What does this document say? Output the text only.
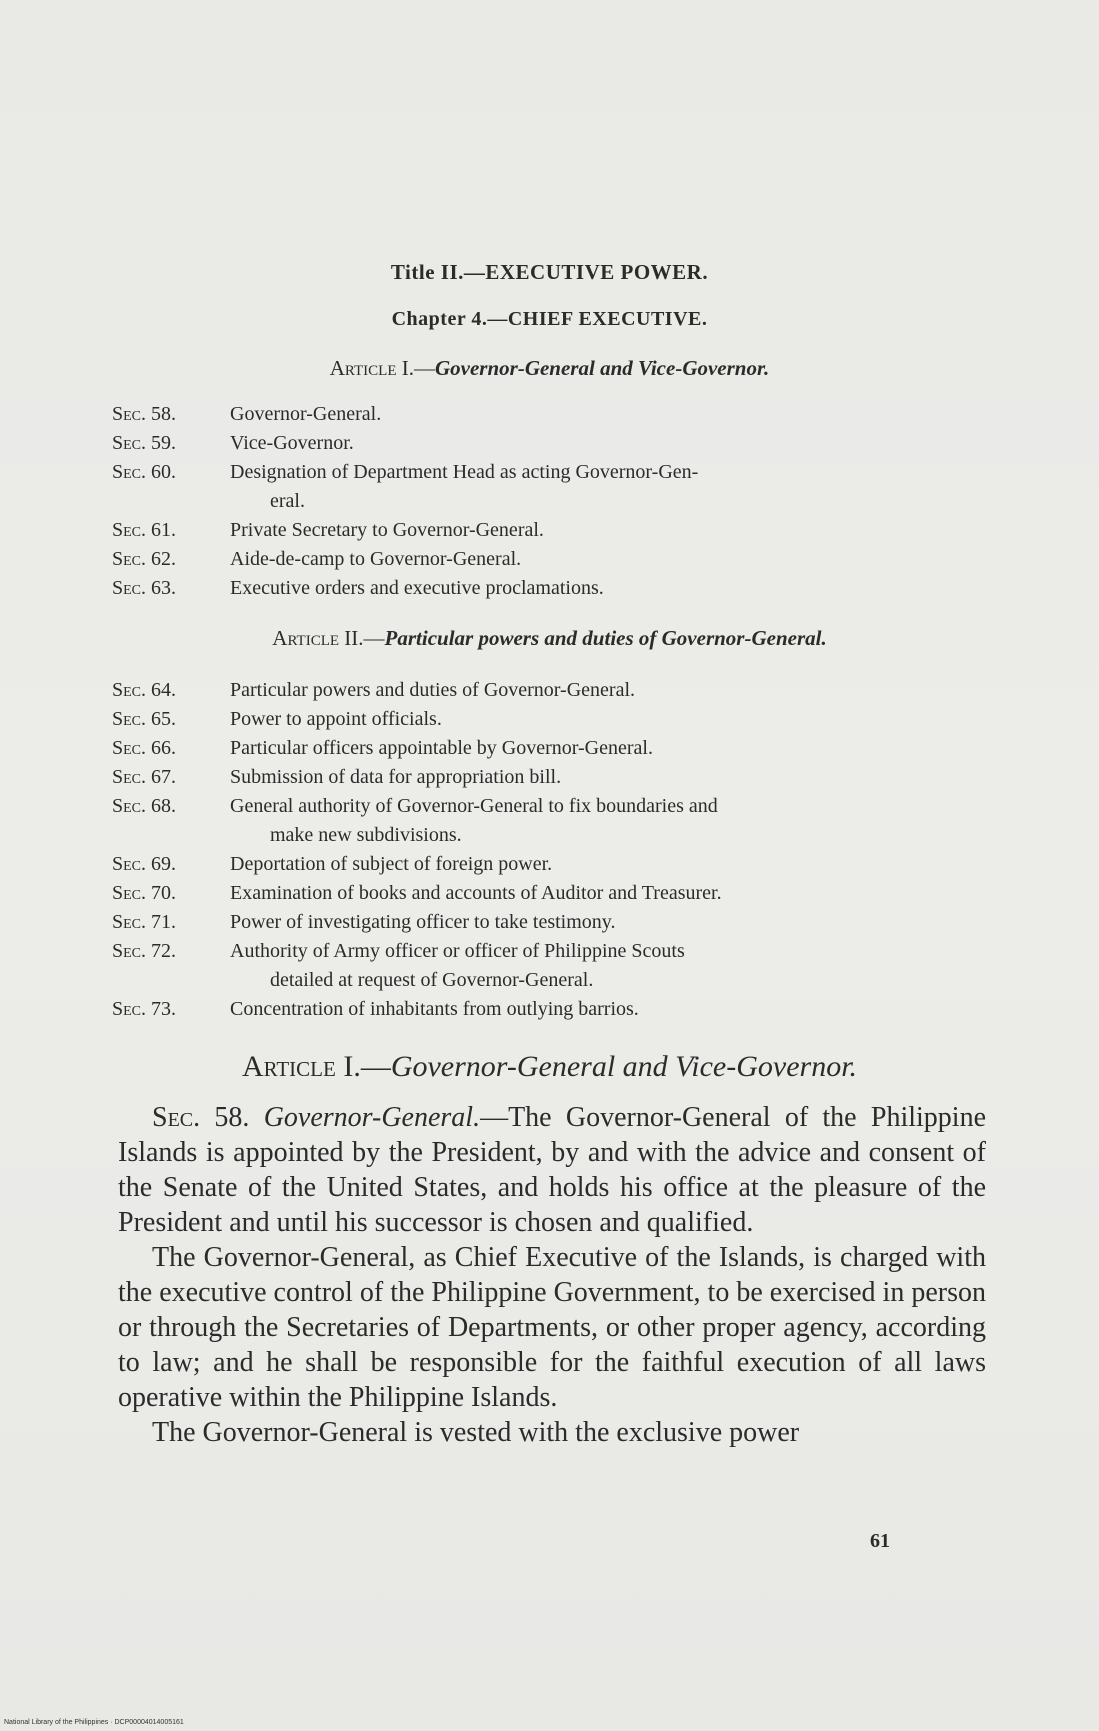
Title II.—EXECUTIVE POWER.
Chapter 4.—CHIEF EXECUTIVE.
Article I.—Governor-General and Vice-Governor.
Sec. 58.	Governor-General.
Sec. 59.	Vice-Governor.
Sec. 60.	Designation of Department Head as acting Governor-Gen-
eral.
Sec. 61.	Private Secretary to Governor-General.
Sec. 62.	Aide-de-camp to Governor-General.
Sec. 63.	Executive orders and executive proclamations.
Article II.—Particular powers and duties of Governor-General.
Sec. 64.	Particular powers and duties of Governor-General.
Sec. 65.	Power to appoint officials.
Sec. 66.	Particular officers appointable by Governor-General.
Sec. 67.	Submission of data for appropriation bill.
Sec. 68.	General authority of Governor-General to fix boundaries and
make new subdivisions.
Sec. 69.	Deportation of subject of foreign power.
Sec. 70.	Examination of books and accounts of Auditor and Treasurer.
Sec. 71.	Power of investigating officer to take testimony.
Sec. 72.	Authority of Army officer or officer of Philippine Scouts
detailed at request of Governor-General.
Sec. 73.	Concentration of inhabitants from outlying barrios.
Article I.—Governor-General and Vice-Governor.

Sec. 58. Governor-General.—The Governor-General of the Philippine Islands is appointed by the President, by and with the advice and consent of the Senate of the United States, and holds his office at the pleasure of the President and until his successor is chosen and qualified.

The Governor-General, as Chief Executive of the Islands, is charged with the executive control of the Philippine Government, to be exercised in person or through the Secretaries of Departments, or other proper agency, according to law; and he shall be responsible for the faithful execution of all laws operative within the Philippine Islands.

The Governor-General is vested with the exclusive power

61
National Library of the Philippines · DCP00004014005161
